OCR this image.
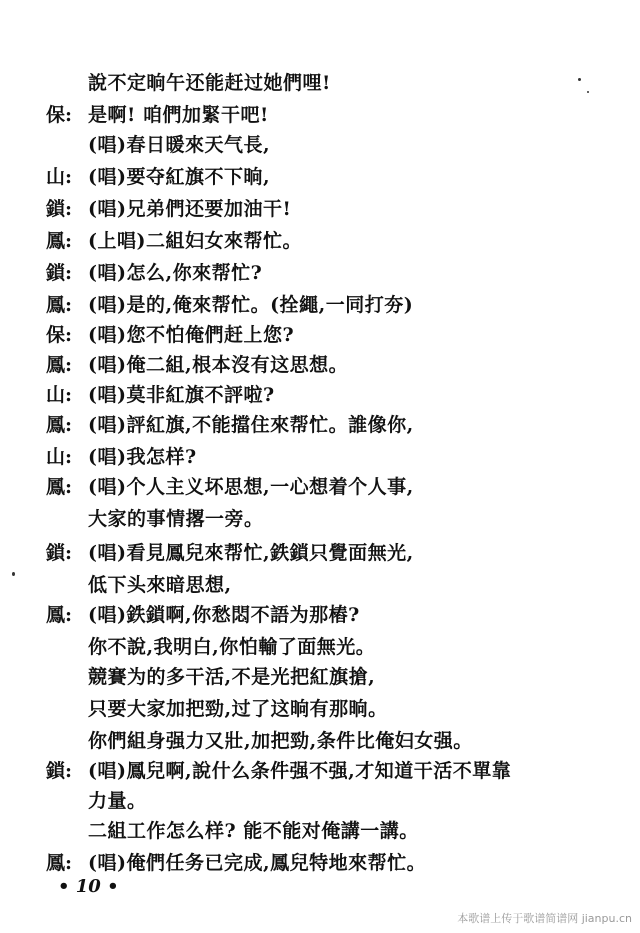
說不定晌午还能赶过她們哩!
保: 是啊! 咱們加緊干吧!
(唱)春日暖來天气長,
山: (唱)要夺紅旗不下晌,
鎖: (唱)兄弟們还要加油干!
鳳: (上唱)二組妇女來帮忙。
鎖: (唱)怎么,你來帮忙?
鳳: (唱)是的,俺來帮忙。(拴繩,一同打夯)
保: (唱)您不怕俺們赶上您?
鳳: (唱)俺二組,根本沒有这思想。
山: (唱)莫非紅旗不評啦?
鳳: (唱)評紅旗,不能擋住來帮忙。誰像你,
山: (唱)我怎样?
鳳: (唱)个人主义坏思想,一心想着个人事,
大家的事情撂一旁。
鎖: (唱)看見鳳兒來帮忙,鉄鎖只覺面無光,
低下头來暗思想,
鳳: (唱)鉄鎖啊,你愁悶不語为那樁?
你不說,我明白,你怕輸了面無光。
競賽为的多干活,不是光把紅旗搶,
只要大家加把勁,过了这晌有那晌。
你們組身强力又壯,加把勁,条件比俺妇女强。
鎖: (唱)鳳兒啊,說什么条件强不强,才知道干活不單靠
力量。
二組工作怎么样? 能不能对俺講一講。
鳳: (唱)俺們任务已完成,鳳兒特地來帮忙。
• 10 •
本歌谱上传于歌谱简谱网 jianpu.cn
